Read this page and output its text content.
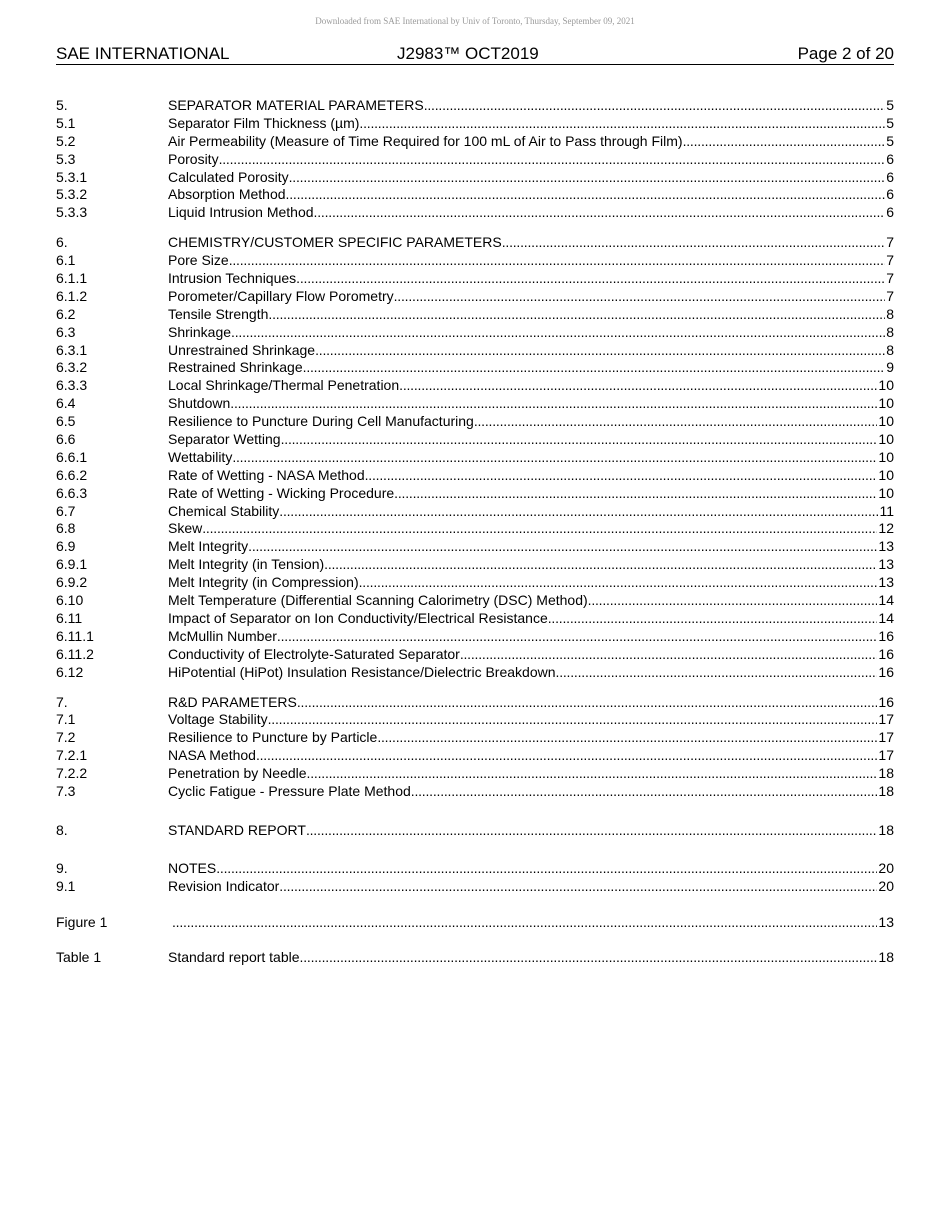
Downloaded from SAE International by Univ of Toronto, Thursday, September 09, 2021
SAE INTERNATIONAL	J2983™ OCT2019	Page 2 of 20
5.	SEPARATOR MATERIAL PARAMETERS . . .	5
5.1	Separator Film Thickness (µm) . . .	5
5.2	Air Permeability (Measure of Time Required for 100 mL of Air to Pass through Film) . . .	5
5.3	Porosity . . .	6
5.3.1	Calculated Porosity . . .	6
5.3.2	Absorption Method . . .	6
5.3.3	Liquid Intrusion Method . . .	6
6.	CHEMISTRY/CUSTOMER SPECIFIC PARAMETERS . . .	7
6.1	Pore Size . . .	7
6.1.1	Intrusion Techniques . . .	7
6.1.2	Porometer/Capillary Flow Porometry . . .	7
6.2	Tensile Strength . . .	8
6.3	Shrinkage . . .	8
6.3.1	Unrestrained Shrinkage . . .	8
6.3.2	Restrained Shrinkage . . .	9
6.3.3	Local Shrinkage/Thermal Penetration . . .	10
6.4	Shutdown . . .	10
6.5	Resilience to Puncture During Cell Manufacturing . . .	10
6.6	Separator Wetting . . .	10
6.6.1	Wettability . . .	10
6.6.2	Rate of Wetting - NASA Method . . .	10
6.6.3	Rate of Wetting - Wicking Procedure . . .	10
6.7	Chemical Stability . . .	11
6.8	Skew . . .	12
6.9	Melt Integrity . . .	13
6.9.1	Melt Integrity (in Tension) . . .	13
6.9.2	Melt Integrity (in Compression) . . .	13
6.10	Melt Temperature (Differential Scanning Calorimetry (DSC) Method) . . .	14
6.11	Impact of Separator on Ion Conductivity/Electrical Resistance . . .	14
6.11.1	McMullin Number . . .	16
6.11.2	Conductivity of Electrolyte-Saturated Separator . . .	16
6.12	HiPotential (HiPot) Insulation Resistance/Dielectric Breakdown . . .	16
7.	R&D PARAMETERS . . .	16
7.1	Voltage Stability . . .	17
7.2	Resilience to Puncture by Particle . . .	17
7.2.1	NASA Method . . .	17
7.2.2	Penetration by Needle . . .	18
7.3	Cyclic Fatigue - Pressure Plate Method . . .	18
8.	STANDARD REPORT . . .	18
9.	NOTES . . .	20
9.1	Revision Indicator . . .	20
Figure 1 . . .	13
Table 1	Standard report table . . .	18
